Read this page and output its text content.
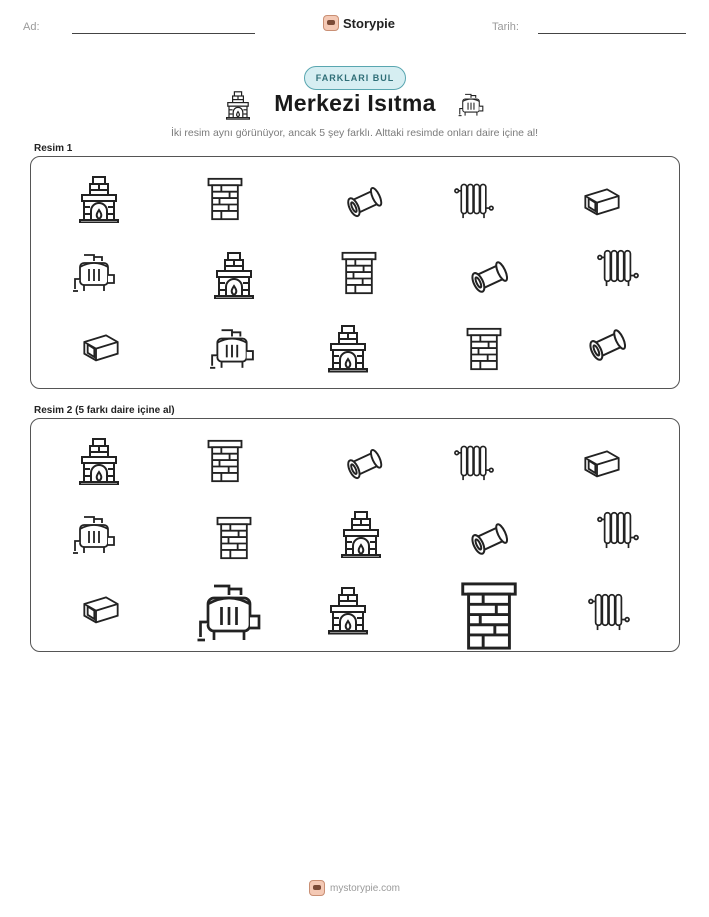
Ad:	Storypie	Tarih:
FARKLARI BUL
Merkezi Isıtma
İki resim aynı görünüyor, ancak 5 şey farklı. Alttaki resimde onları daire içine al!
Resim 1
Resim 2 (5 farkı daire içine al)
mystorypie.com
